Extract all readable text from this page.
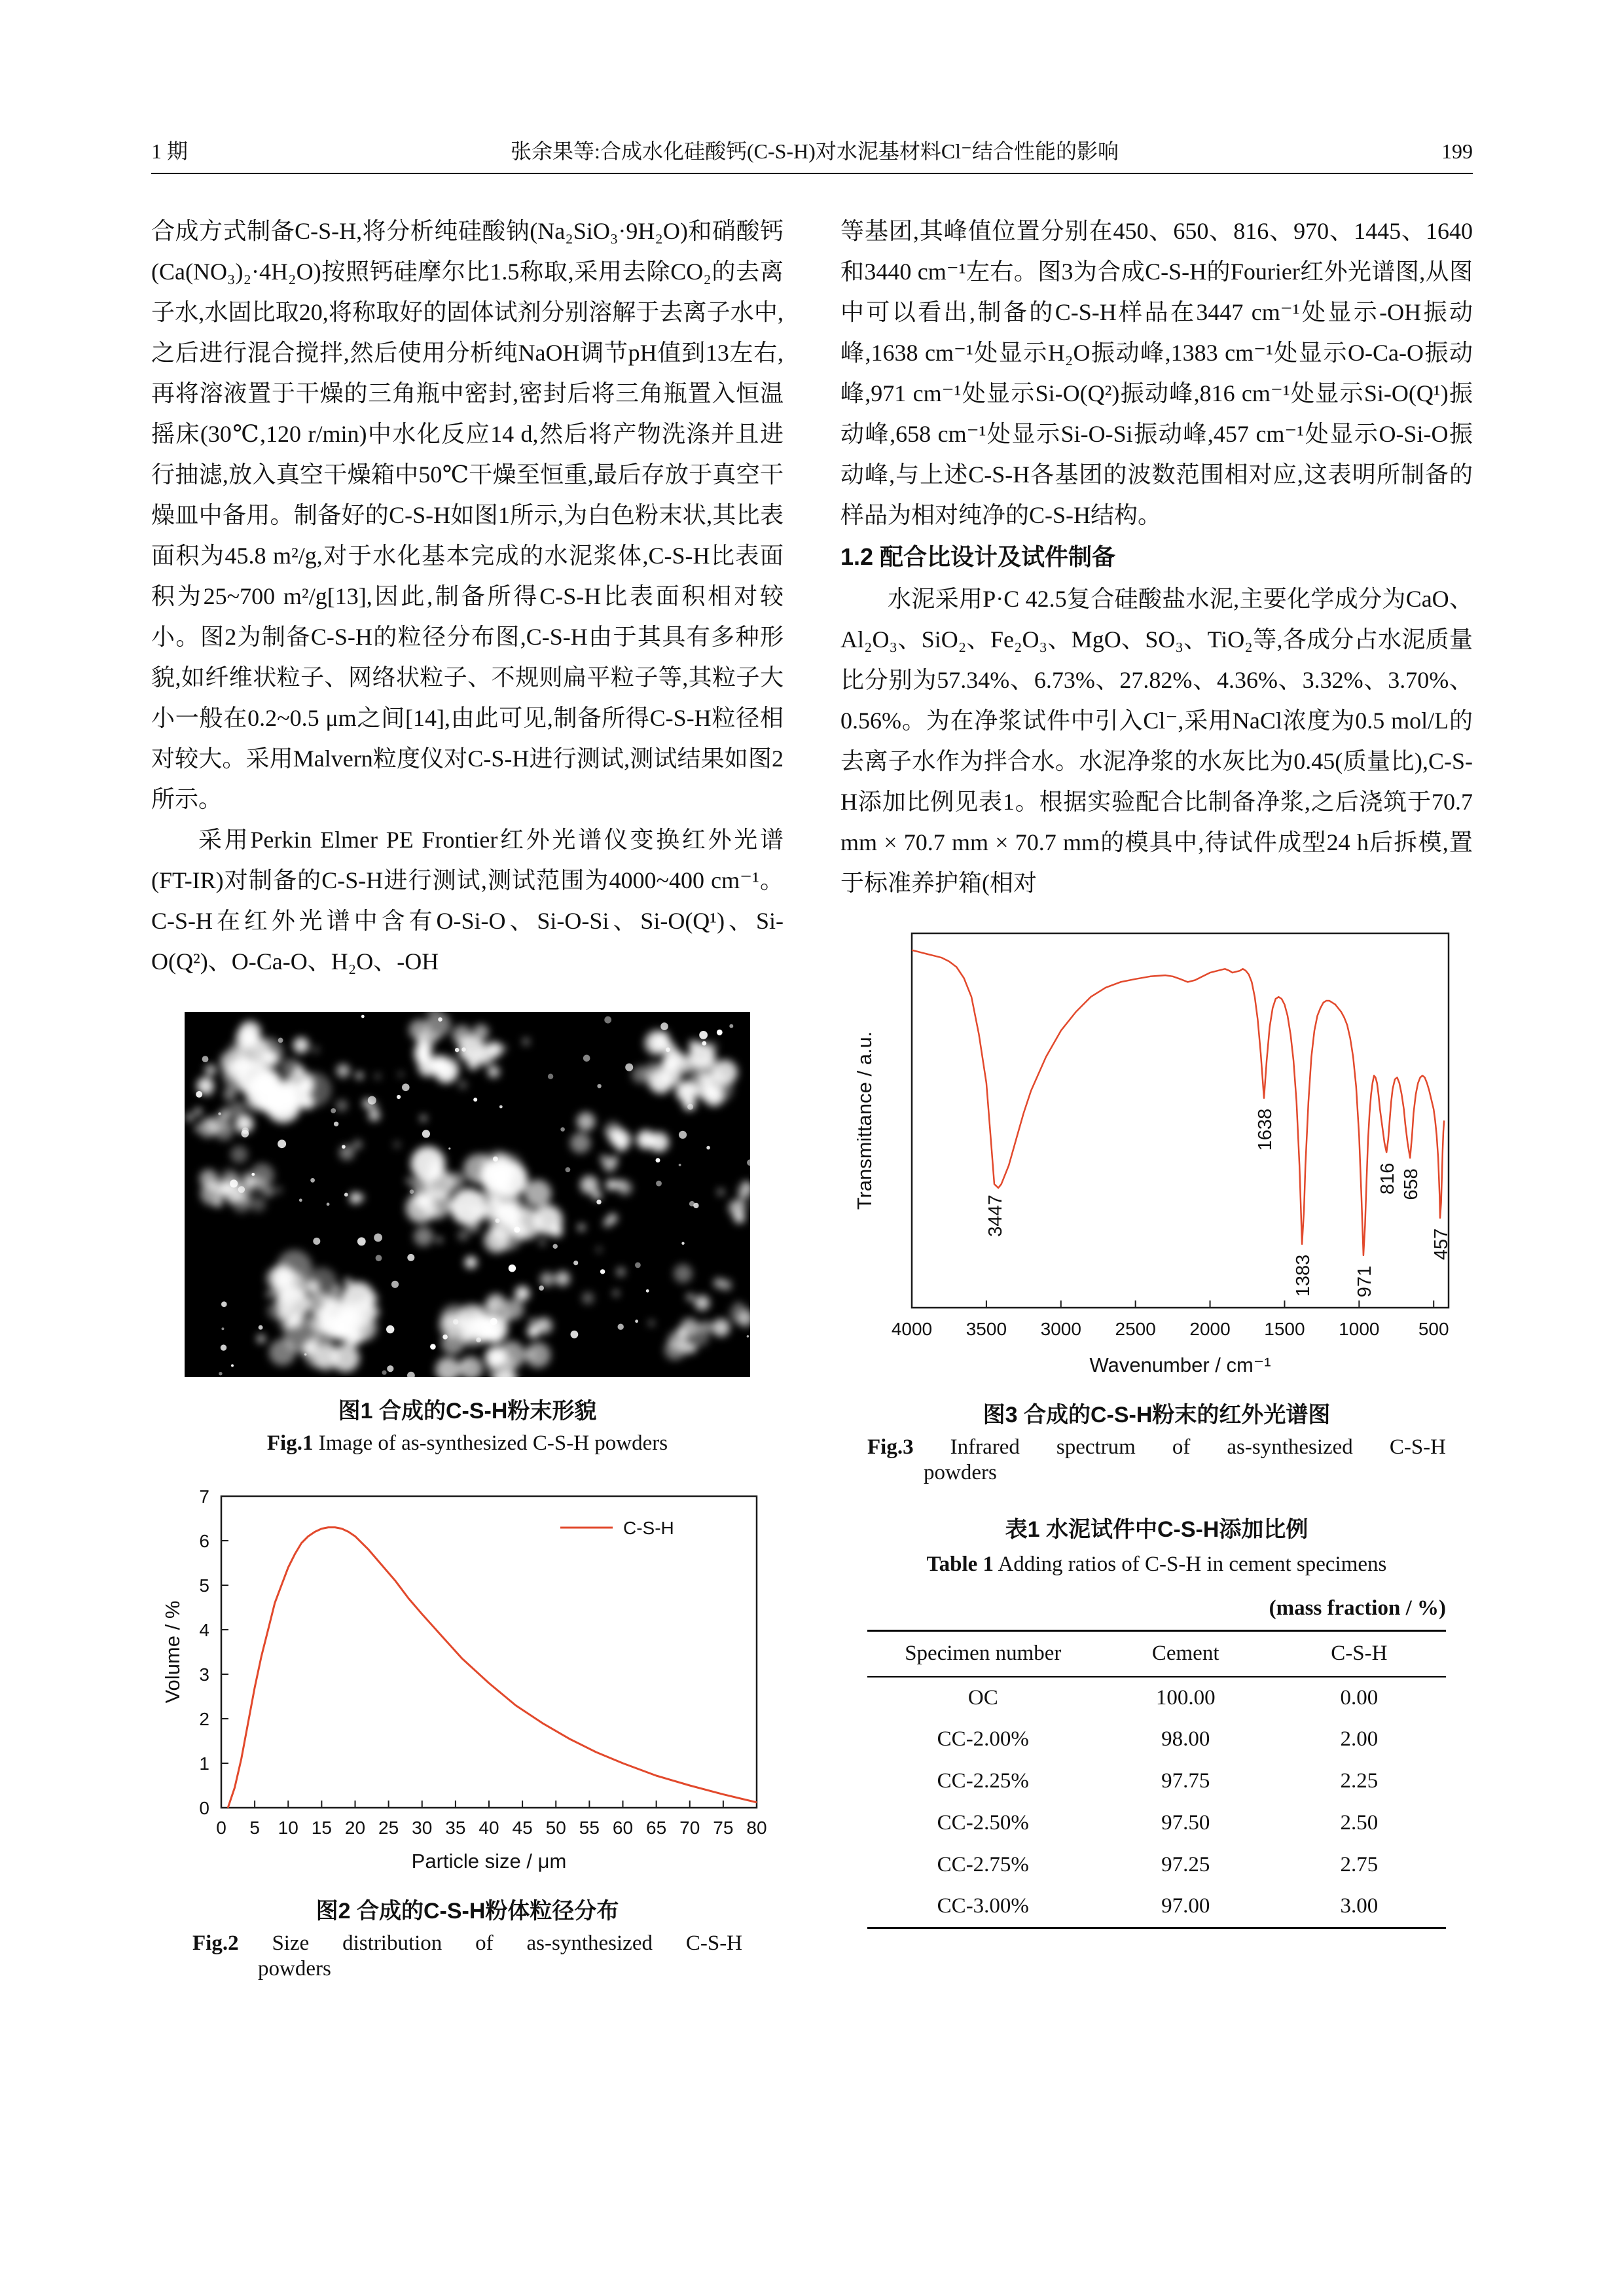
1 期	张余果等:合成水化硅酸钙(C-S-H)对水泥基材料Cl⁻结合性能的影响	199

合成方式制备C-S-H,将分析纯硅酸钠(Na₂SiO₃·9H₂O)和硝酸钙(Ca(NO₃)₂·4H₂O)按照钙硅摩尔比1.5称取,采用去除CO₂的去离子水,水固比取20,将称取好的固体试剂分别溶解于去离子水中,之后进行混合搅拌,然后使用分析纯NaOH调节pH值到13左右,再将溶液置于干燥的三角瓶中密封,密封后将三角瓶置入恒温摇床(30℃,120 r/min)中水化反应14 d,然后将产物洗涤并且进行抽滤,放入真空干燥箱中50℃干燥至恒重,最后存放于真空干燥皿中备用。制备好的C-S-H如图1所示,为白色粉末状,其比表面积为45.8 m²/g,对于水化基本完成的水泥浆体,C-S-H比表面积为25~700 m²/g[13],因此,制备所得C-S-H比表面积相对较小。图2为制备C-S-H的粒径分布图,C-S-H由于其具有多种形貌,如纤维状粒子、网络状粒子、不规则扁平粒子等,其粒子大小一般在0.2~0.5 μm之间[14],由此可见,制备所得C-S-H粒径相对较大。采用Malvern粒度仪对C-S-H进行测试,测试结果如图2所示。

采用Perkin Elmer PE Frontier红外光谱仪变换红外光谱(FT-IR)对制备的C-S-H进行测试,测试范围为4000~400 cm⁻¹。C-S-H在红外光谱中含有O-Si-O、Si-O-Si、Si-O(Q¹)、Si-O(Q²)、O-Ca-O、H₂O、-OH

图1 合成的C-S-H粉末形貌
Fig.1 Image of as-synthesized C-S-H powders
0 5 10 15 20 25 30 35 40 45 50 55 60 65 70 75 80
0
1
2
3
4
5
6
7
Particle size / μm
Volume / %
C-S-H
图2 合成的C-S-H粉体粒径分布
Fig.2 Size distribution of as-synthesized C-S-H
powders

等基团,其峰值位置分别在450、650、816、970、1445、1640和3440 cm⁻¹左右。图3为合成C-S-H的Fourier红外光谱图,从图中可以看出,制备的C-S-H样品在3447 cm⁻¹处显示-OH振动峰,1638 cm⁻¹处显示H₂O振动峰,1383 cm⁻¹处显示O-Ca-O振动峰,971 cm⁻¹处显示Si-O(Q²)振动峰,816 cm⁻¹处显示Si-O(Q¹)振动峰,658 cm⁻¹处显示Si-O-Si振动峰,457 cm⁻¹处显示O-Si-O振动峰,与上述C-S-H各基团的波数范围相对应,这表明所制备的样品为相对纯净的C-S-H结构。

1.2 配合比设计及试件制备

水泥采用P·C 42.5复合硅酸盐水泥,主要化学成分为CaO、Al₂O₃、SiO₂、Fe₂O₃、MgO、SO₃、TiO₂等,各成分占水泥质量比分别为57.34%、6.73%、27.82%、4.36%、3.32%、3.70%、0.56%。为在净浆试件中引入Cl⁻,采用NaCl浓度为0.5 mol/L的去离子水作为拌合水。水泥净浆的水灰比为0.45(质量比),C-S-H添加比例见表1。根据实验配合比制备净浆,之后浇筑于70.7 mm × 70.7 mm × 70.7 mm的模具中,待试件成型24 h后拆模,置于标准养护箱(相对

4000 3500 3000 2500 2000 1500 1000 500
Wavenumber / cm⁻¹
Transmittance / a.u.
3447
1638
1383 971
816 658
457
图3 合成的C-S-H粉末的红外光谱图
Fig.3 Infrared spectrum of as-synthesized C-S-H
powders
表1 水泥试件中C-S-H添加比例
Table 1 Adding ratios of C-S-H in cement specimens
(mass fraction / %)
Specimen number	Cement	C-S-H
OC	100.00	0.00
CC-2.00%	98.00	2.00
CC-2.25%	97.75	2.25
CC-2.50%	97.50	2.50
CC-2.75%	97.25	2.75
CC-3.00%	97.00	3.00
